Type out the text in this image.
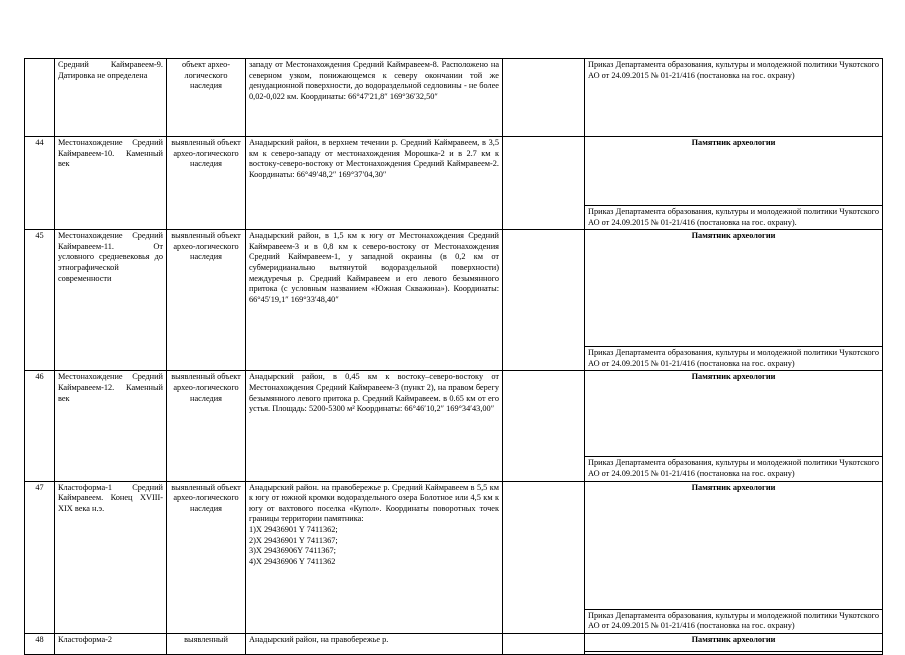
	Средний Каймравеем-9. Датировка не определена	объект архео-логического наследия	западу от Местонахождения Средний Каймравеем-8. Расположено на северном узком, понижающемся к северу окончании той же денудационной поверхности, до водораздельной седловины - не более 0,02-0,022 км. Координаты: 66°47′21,8″ 169°36′32,50″		Приказ Департамента образования, культуры и молодежной политики Чукотского АО от 24.09.2015 № 01-21/416 (постановка на гос. охрану)
44	Местонахождение Средний Каймравеем-10. Каменный век	выявленный объект архео-логического наследия	Анадырский район, в верхнем течении р. Средний Каймравеем, в 3,5 км к северо-западу от местонахождения Морошка-2 и в 2.7 км к востоку-северо-востоку от Местонахождения Средний Каймравеем-2. Координаты: 66°49′48,2″ 169°37′04,30″		Памятник археологии
					Приказ Департамента образования, культуры и молодежной политики Чукотского АО от 24.09.2015 № 01-21/416 (постановка на гос. охрану).
45	Местонахождение Средний Каймравеем-11. От условного средневековья до этнографической современности	выявленный объект архео-логического наследия	Анадырский район, в 1,5 км к югу от Местонахождения Средний Каймравеем-3 и в 0,8 км к северо-востоку от Местонахождения Средний Каймравеем-1, у западной окраины (в 0,2 км от субмеридианально вытянутой водораздельной поверхности) междуречья р. Средний Каймравеем и его левого безымянного притока (с условным названием «Южная Скважина»). Координаты: 66°45′19,1″ 169°33′48,40″		Памятник археологии
					Приказ Департамента образования, культуры и молодежной политики Чукотского АО от 24.09.2015 № 01-21/416 (постановка на гос. охрану)
46	Местонахождение Средний Каймравеем-12. Каменный век	выявленный объект архео-логического наследия	Анадырский район, в 0,45 км к востоку–северо-востоку от Местонахождения Средний Каймравеем-3 (пункт 2), на правом берегу безымянного левого притока р. Средний Каймравеем. в 0.65 км от его устья. Площадь: 5200-5300 м² Координаты: 66°46′10,2″ 169°34′43,00″		Памятник археологии
					Приказ Департамента образования, культуры и молодежной политики Чукотского АО от 24.09.2015 № 01-21/416 (постановка на гос. охрану)
47	Кластоформа-1 Средний Каймравеем. Конец XVIII-XIX века н.э.	выявленный объект архео-логического наследия	Анадырский район. на правобережье р. Средний Каймравеем в 5,5 км к югу от южной кромки водораздельного озера Болотное или 4,5 км к югу от вахтового поселка «Купол». Координаты поворотных точек границы территории памятника:
1)X 29436901 Y 7411362;
2)X 29436901 Y 7411367;
3)X 29436906Y 7411367;
4)X 29436906 Y 7411362		Памятник археологии
					Приказ Департамента образования, культуры и молодежной политики Чукотского АО от 24.09.2015 № 01-21/416 (постановка на гос. охрану)
48	Кластоформа-2	выявленный	Анадырский район, на правобережье р.		Памятник археологии
